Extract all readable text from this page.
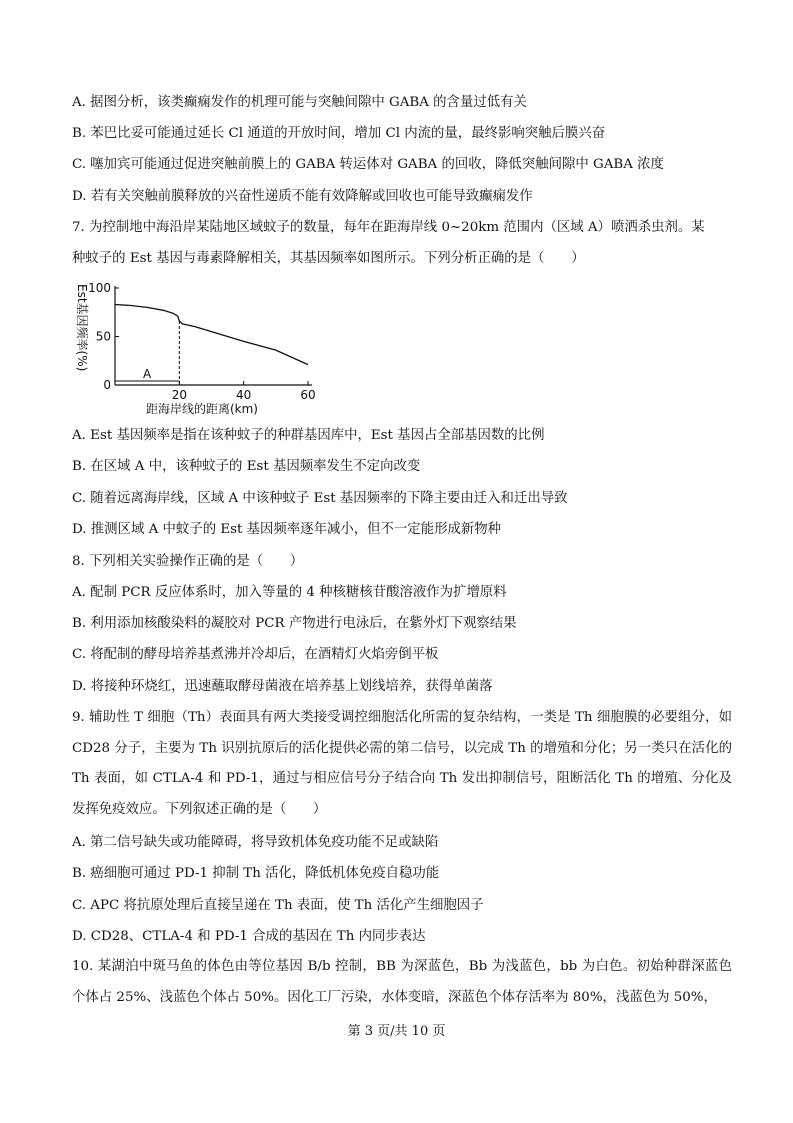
A. 据图分析，该类癫痫发作的机理可能与突触间隙中 GABA 的含量过低有关
B. 苯巴比妥可能通过延长 Cl 通道的开放时间，增加 Cl 内流的量，最终影响突触后膜兴奋
C. 噻加宾可能通过促进突触前膜上的 GABA 转运体对 GABA 的回收，降低突触间隙中 GABA 浓度
D. 若有关突触前膜释放的兴奋性递质不能有效降解或回收也可能导致癫痫发作
7. 为控制地中海沿岸某陆地区域蚊子的数量，每年在距海岸线 0~20km 范围内（区域 A）喷洒杀虫剂。某
种蚊子的 Est 基因与毒素降解相关，其基因频率如图所示。下列分析正确的是（　　）
Est基因频率(%)
0
50
100
20	40	60
A
距海岸线的距离(km)
A. Est 基因频率是指在该种蚊子的种群基因库中，Est 基因占全部基因数的比例
B. 在区域 A 中，该种蚊子的 Est 基因频率发生不定向改变
C. 随着远离海岸线，区域 A 中该种蚊子 Est 基因频率的下降主要由迁入和迁出导致
D. 推测区域 A 中蚊子的 Est 基因频率逐年减小，但不一定能形成新物种
8. 下列相关实验操作正确的是（　　）
A. 配制 PCR 反应体系时，加入等量的 4 种核糖核苷酸溶液作为扩增原料
B. 利用添加核酸染料的凝胶对 PCR 产物进行电泳后，在紫外灯下观察结果
C. 将配制的酵母培养基煮沸并冷却后，在酒精灯火焰旁倒平板
D. 将接种环烧红，迅速蘸取酵母菌液在培养基上划线培养，获得单菌落
9. 辅助性 T 细胞（Th）表面具有两大类接受调控细胞活化所需的复杂结构，一类是 Th 细胞膜的必要组分，如 CD28 分子，主要为 Th 识别抗原后的活化提供必需的第二信号，以完成 Th 的增殖和分化；另一类只在活化的 Th 表面，如 CTLA-4 和 PD-1，通过与相应信号分子结合向 Th 发出抑制信号，阻断活化 Th 的增殖、分化及发挥免疫效应。下列叙述正确的是（　　）
A. 第二信号缺失或功能障碍，将导致机体免疫功能不足或缺陷
B. 癌细胞可通过 PD-1 抑制 Th 活化，降低机体免疫自稳功能
C. APC 将抗原处理后直接呈递在 Th 表面，使 Th 活化产生细胞因子
D. CD28、CTLA-4 和 PD-1 合成的基因在 Th 内同步表达
10. 某湖泊中斑马鱼的体色由等位基因 B/b 控制，BB 为深蓝色，Bb 为浅蓝色，bb 为白色。初始种群深蓝色个体占 25%、浅蓝色个体占 50%。因化工厂污染，水体变暗，深蓝色个体存活率为 80%，浅蓝色为 50%，
第 3 页/共 10 页
